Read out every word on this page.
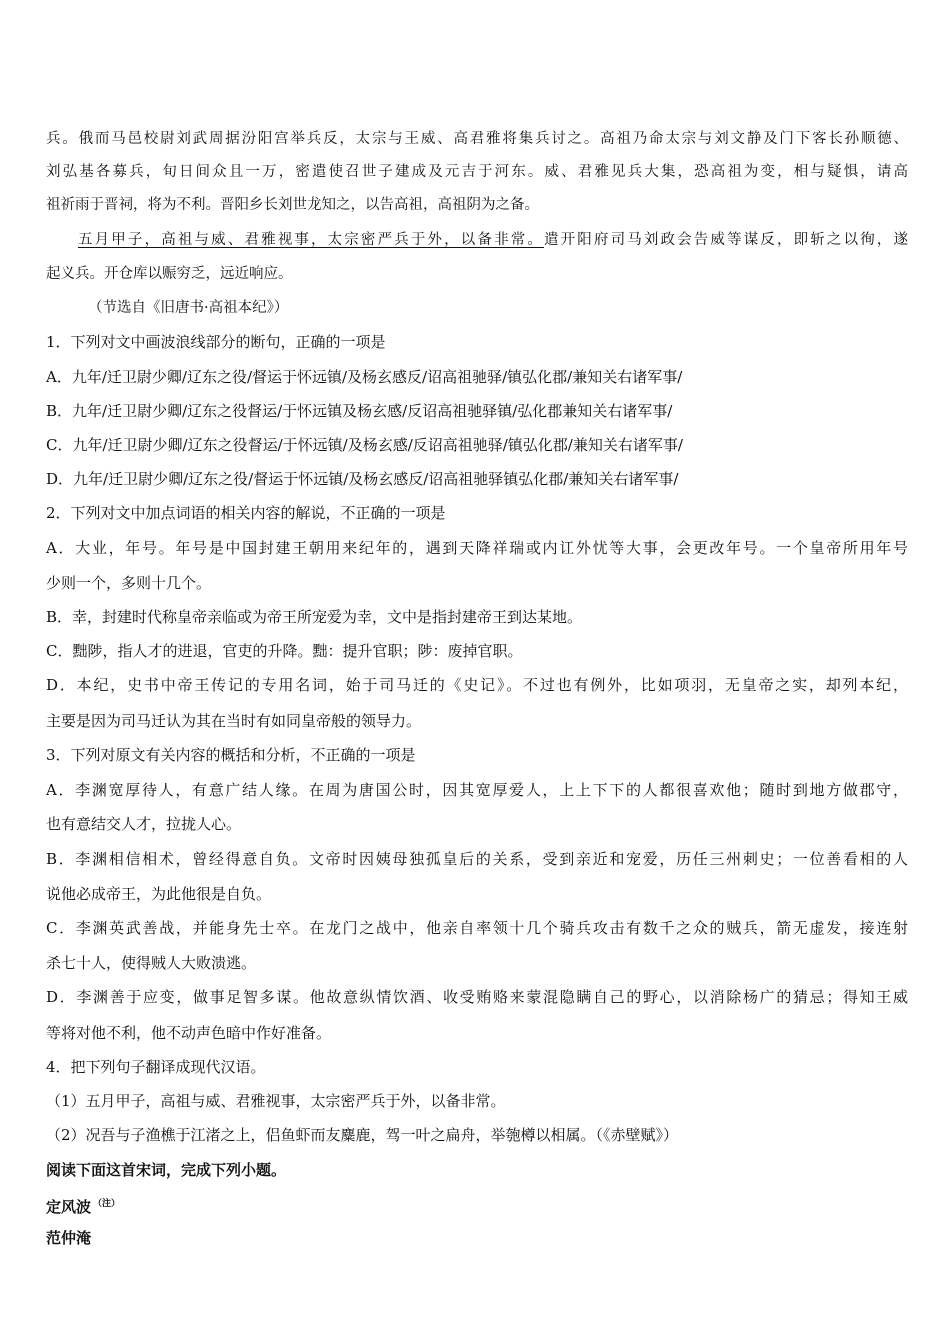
兵。俄而马邑校尉刘武周据汾阳宫举兵反，太宗与王威、高君雅将集兵讨之。高祖乃命太宗与刘文静及门下客长孙顺德、
刘弘基各募兵，旬日间众且一万，密遣使召世子建成及元吉于河东。威、君雅见兵大集，恐高祖为变，相与疑惧，请高
祖祈雨于晋祠，将为不利。晋阳乡长刘世龙知之，以告高祖，高祖阴为之备。
五月甲子，高祖与威、君雅视事，太宗密严兵于外，以备非常。遣开阳府司马刘政会告威等谋反，即斩之以徇，遂
起义兵。开仓库以赈穷乏，远近响应。
（节选自《旧唐书·高祖本纪》）
1．下列对文中画波浪线部分的断句，正确的一项是
A．九年/迁卫尉少卿/辽东之役/督运于怀远镇/及杨玄感反/诏高祖驰驿/镇弘化郡/兼知关右诸军事/
B．九年/迁卫尉少卿/辽东之役督运/于怀远镇及杨玄感/反诏高祖驰驿镇/弘化郡兼知关右诸军事/
C．九年/迁卫尉少卿/辽东之役督运/于怀远镇/及杨玄感/反诏高祖驰驿/镇弘化郡/兼知关右诸军事/
D．九年/迁卫尉少卿/辽东之役/督运于怀远镇/及杨玄感反/诏高祖驰驿镇弘化郡/兼知关右诸军事/
2．下列对文中加点词语的相关内容的解说，不正确的一项是
A．大业，年号。年号是中国封建王朝用来纪年的，遇到天降祥瑞或内讧外忧等大事，会更改年号。一个皇帝所用年号
少则一个，多则十几个。
B．幸，封建时代称皇帝亲临或为帝王所宠爱为幸，文中是指封建帝王到达某地。
C．黜陟，指人才的进退，官吏的升降。黜：提升官职；陟：废掉官职。
D．本纪，史书中帝王传记的专用名词，始于司马迁的《史记》。不过也有例外，比如项羽，无皇帝之实，却列本纪，
主要是因为司马迁认为其在当时有如同皇帝般的领导力。
3．下列对原文有关内容的概括和分析，不正确的一项是
A．李渊宽厚待人，有意广结人缘。在周为唐国公时，因其宽厚爱人，上上下下的人都很喜欢他；随时到地方做郡守，
也有意结交人才，拉拢人心。
B．李渊相信相术，曾经得意自负。文帝时因姨母独孤皇后的关系，受到亲近和宠爱，历任三州刺史；一位善看相的人
说他必成帝王，为此他很是自负。
C．李渊英武善战，并能身先士卒。在龙门之战中，他亲自率领十几个骑兵攻击有数千之众的贼兵，箭无虚发，接连射
杀七十人，使得贼人大败溃逃。
D．李渊善于应变，做事足智多谋。他故意纵情饮酒、收受贿赂来蒙混隐瞒自己的野心，以消除杨广的猜忌；得知王威
等将对他不利，他不动声色暗中作好准备。
4．把下列句子翻译成现代汉语。
（1）五月甲子，高祖与威、君雅视事，太宗密严兵于外，以备非常。
（2）况吾与子渔樵于江渚之上，侣鱼虾而友麋鹿，驾一叶之扁舟，举匏樽以相属。（《赤壁赋》）
阅读下面这首宋词，完成下列小题。
定风波 $^{(注)}$
范仲淹
